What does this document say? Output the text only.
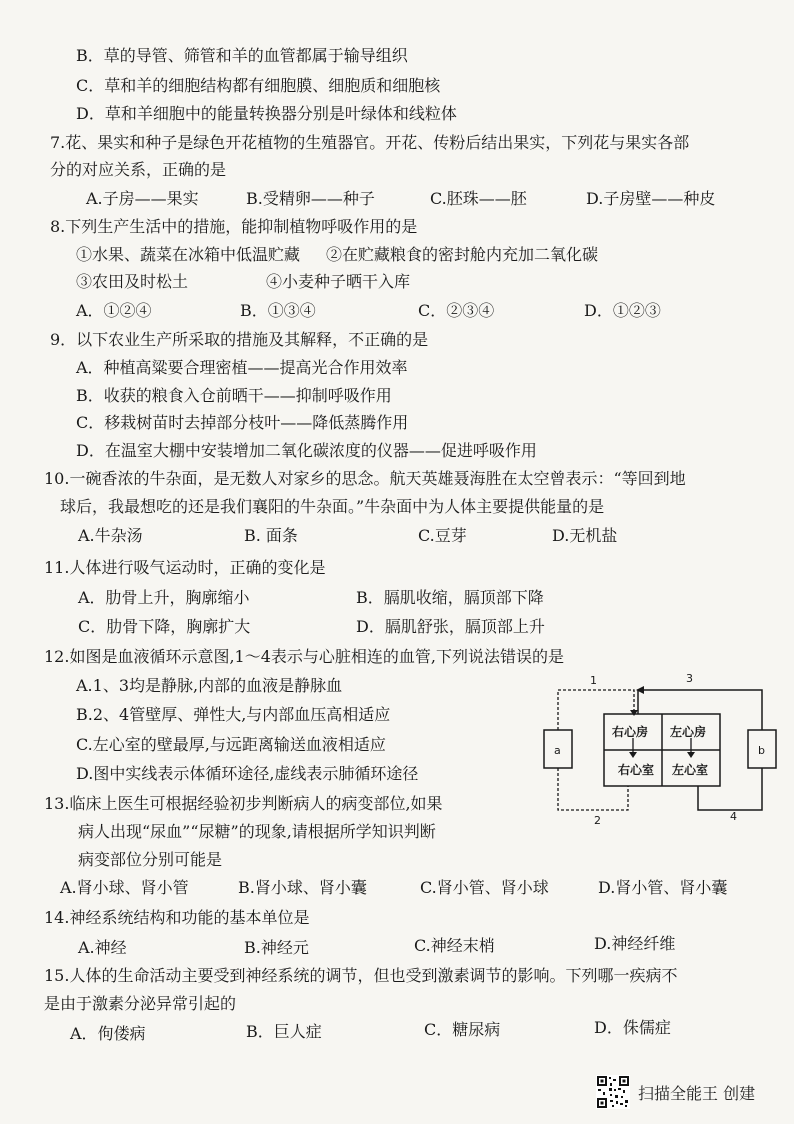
B．草的导管、筛管和羊的血管都属于输导组织
C．草和羊的细胞结构都有细胞膜、细胞质和细胞核
D．草和羊细胞中的能量转换器分别是叶绿体和线粒体
7.花、果实和种子是绿色开花植物的生殖器官。开花、传粉后结出果实，下列花与果实各部
分的对应关系，正确的是
A.子房——果实	B.受精卵——种子	C.胚珠——胚	D.子房壁——种皮
8.下列生产生活中的措施，能抑制植物呼吸作用的是
①水果、蔬菜在冰箱中低温贮藏 ②在贮藏粮食的密封舱内充加二氧化碳
③农田及时松土	④小麦种子晒干入库
A．①②④	B．①③④	C．②③④	D．①②③
9．以下农业生产所采取的措施及其解释，不正确的是
A．种植高粱要合理密植——提高光合作用效率
B．收获的粮食入仓前晒干——抑制呼吸作用
C．移栽树苗时去掉部分枝叶——降低蒸腾作用
D．在温室大棚中安装增加二氧化碳浓度的仪器——促进呼吸作用
10.一碗香浓的牛杂面，是无数人对家乡的思念。航天英雄聂海胜在太空曾表示：“等回到地
球后，我最想吃的还是我们襄阳的牛杂面。”牛杂面中为人体主要提供能量的是
A.牛杂汤	B. 面条	C.豆芽	D.无机盐
11.人体进行吸气运动时，正确的变化是
A．肋骨上升，胸廓缩小	B．膈肌收缩，膈顶部下降
C．肋骨下降，胸廓扩大	D．膈肌舒张，膈顶部上升
12.如图是血液循环示意图,1～4表示与心脏相连的血管,下列说法错误的是
A.1、3均是静脉,内部的血液是静脉血
B.2、4管壁厚、弹性大,与内部血压高相适应
C.左心室的壁最厚,与远距离输送血液相适应
D.图中实线表示体循环途径,虚线表示肺循环途径
1	3
2	4
a	b
右心房 左心房
右心室 左心室
13.临床上医生可根据经验初步判断病人的病变部位,如果
病人出现“尿血”“尿糖”的现象,请根据所学知识判断
病变部位分别可能是
A.肾小球、肾小管	B.肾小球、肾小囊	C.肾小管、肾小球	D.肾小管、肾小囊
14.神经系统结构和功能的基本单位是
A.神经	B.神经元	C.神经末梢	D.神经纤维
15.人体的生命活动主要受到神经系统的调节，但也受到激素调节的影响。下列哪一疾病不
是由于激素分泌异常引起的
A．佝偻病	B．巨人症	C．糖尿病	D．侏儒症
扫描全能王 创建
